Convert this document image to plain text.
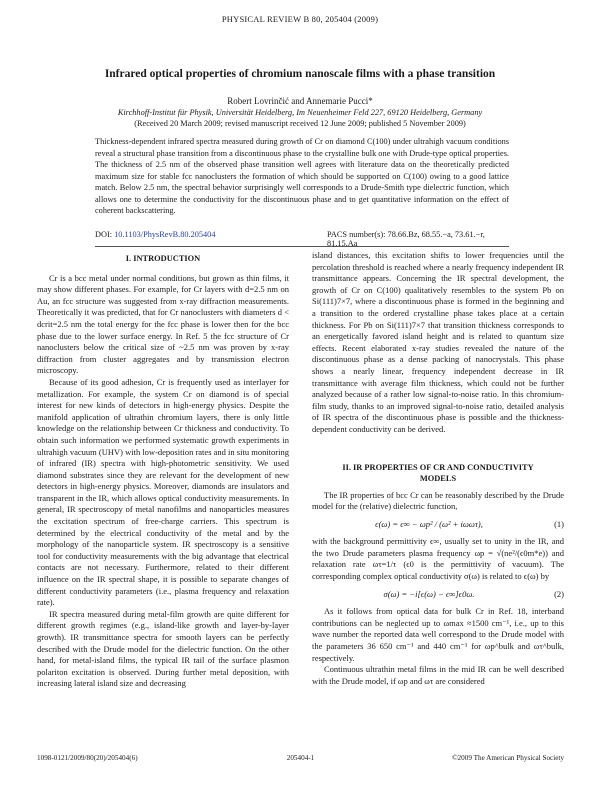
PHYSICAL REVIEW B 80, 205404 (2009)
Infrared optical properties of chromium nanoscale films with a phase transition
Robert Lovrinčić and Annemarie Pucci*
Kirchhoff-Institut für Physik, Universität Heidelberg, Im Neuenheimer Feld 227, 69120 Heidelberg, Germany
(Received 20 March 2009; revised manuscript received 12 June 2009; published 5 November 2009)
Thickness-dependent infrared spectra measured during growth of Cr on diamond C(100) under ultrahigh vacuum conditions reveal a structural phase transition from a discontinuous phase to the crystalline bulk one with Drude-type optical properties. The thickness of 2.5 nm of the observed phase transition well agrees with literature data on the theoretically predicted maximum size for stable fcc nanoclusters the formation of which should be supported on C(100) owing to a good lattice match. Below 2.5 nm, the spectral behavior surprisingly well corresponds to a Drude-Smith type dielectric function, which allows one to determine the conductivity for the discontinuous phase and to get quantitative information on the effect of coherent backscattering.
DOI: 10.1103/PhysRevB.80.205404	PACS number(s): 78.66.Bz, 68.55.−a, 73.61.−r, 81.15.Aa
I. INTRODUCTION

Cr is a bcc metal under normal conditions, but grown as thin films, it may show different phases. For example, for Cr layers with d=2.5 nm on Au, an fcc structure was suggested from x-ray diffraction measurements. Theoretically it was predicted, that for Cr nanoclusters with diameters d < dcrit=2.5 nm the total energy for the fcc phase is lower then for the bcc phase due to the lower surface energy. In Ref. 5 the fcc structure of Cr nanoclusters below the critical size of ~2.5 nm was proven by x-ray diffraction from cluster aggregates and by transmission electron microscopy.

Because of its good adhesion, Cr is frequently used as interlayer for metallization. For example, the system Cr on diamond is of special interest for new kinds of detectors in high-energy physics. Despite the manifold application of ultrathin chromium layers, there is only little knowledge on the relationship between Cr thickness and conductivity. To obtain such information we performed systematic growth experiments in ultrahigh vacuum (UHV) with low-deposition rates and in situ monitoring of infrared (IR) spectra with high-photometric sensitivity. We used diamond substrates since they are relevant for the development of new detectors in high-energy physics. Moreover, diamonds are insulators and transparent in the IR, which allows optical conductivity measurements. In general, IR spectroscopy of metal nanofilms and nanoparticles measures the excitation spectrum of free-charge carriers. This spectrum is determined by the electrical conductivity of the metal and by the morphology of the nanoparticle system. IR spectroscopy is a sensitive tool for conductivity measurements with the big advantage that electrical contacts are not necessary. Furthermore, related to their different influence on the IR spectral shape, it is possible to separate changes of different conductivity parameters (i.e., plasma frequency and relaxation rate).

IR spectra measured during metal-film growth are quite different for different growth regimes (e.g., island-like growth and layer-by-layer growth). IR transmittance spectra for smooth layers can be perfectly described with the Drude model for the dielectric function. On the other hand, for metal-island films, the typical IR tail of the surface plasmon polariton excitation is observed. During further metal deposition, with increasing lateral island size and decreasing

island distances, this excitation shifts to lower frequencies until the percolation threshold is reached where a nearly frequency independent IR transmittance appears. Concerning the IR spectral development, the growth of Cr on C(100) qualitatively resembles to the system Pb on Si(111)7×7, where a discontinuous phase is formed in the beginning and a transition to the ordered crystalline phase takes place at a certain thickness. For Pb on Si(111)7×7 that transition thickness corresponds to an energetically favored island height and is related to quantum size effects. Recent elaborated x-ray studies revealed the nature of the discontinuous phase as a dense packing of nanocrystals. This phase shows a nearly linear, frequency independent decrease in IR transmittance with average film thickness, which could not be further analyzed because of a rather low signal-to-noise ratio. In this chromium-film study, thanks to an improved signal-to-noise ratio, detailed analysis of IR spectra of the discontinuous phase is possible and the thickness-dependent conductivity can be derived.

II. IR PROPERTIES OF CR AND CONDUCTIVITY
MODELS

The IR properties of bcc Cr can be reasonably described by the Drude model for the (relative) dielectric function,

ϵ(ω) = ϵ∞ − ωp² / (ω² + iωωτ),	(1)

with the background permittivity ϵ∞, usually set to unity in the IR, and the two Drude parameters plasma frequency ωp = √(ne²/(ϵ0m*e)) and relaxation rate ωτ=1/τ (ϵ0 is the permittivity of vacuum). The corresponding complex optical conductivity σ(ω) is related to ϵ(ω) by

σ(ω) = −i[ϵ(ω) − ϵ∞]ϵ0ω.	(2)

As it follows from optical data for bulk Cr in Ref. 18, interband contributions can be neglected up to ωmax ≈1500 cm⁻¹, i.e., up to this wave number the reported data well correspond to the Drude model with the parameters 36 650 cm⁻¹ and 440 cm⁻¹ for ωp^bulk and ωτ^bulk, respectively.

Continuous ultrathin metal films in the mid IR can be well described with the Drude model, if ωp and ωτ are considered

1098-0121/2009/80(20)/205404(6)	205404-1	©2009 The American Physical Society
